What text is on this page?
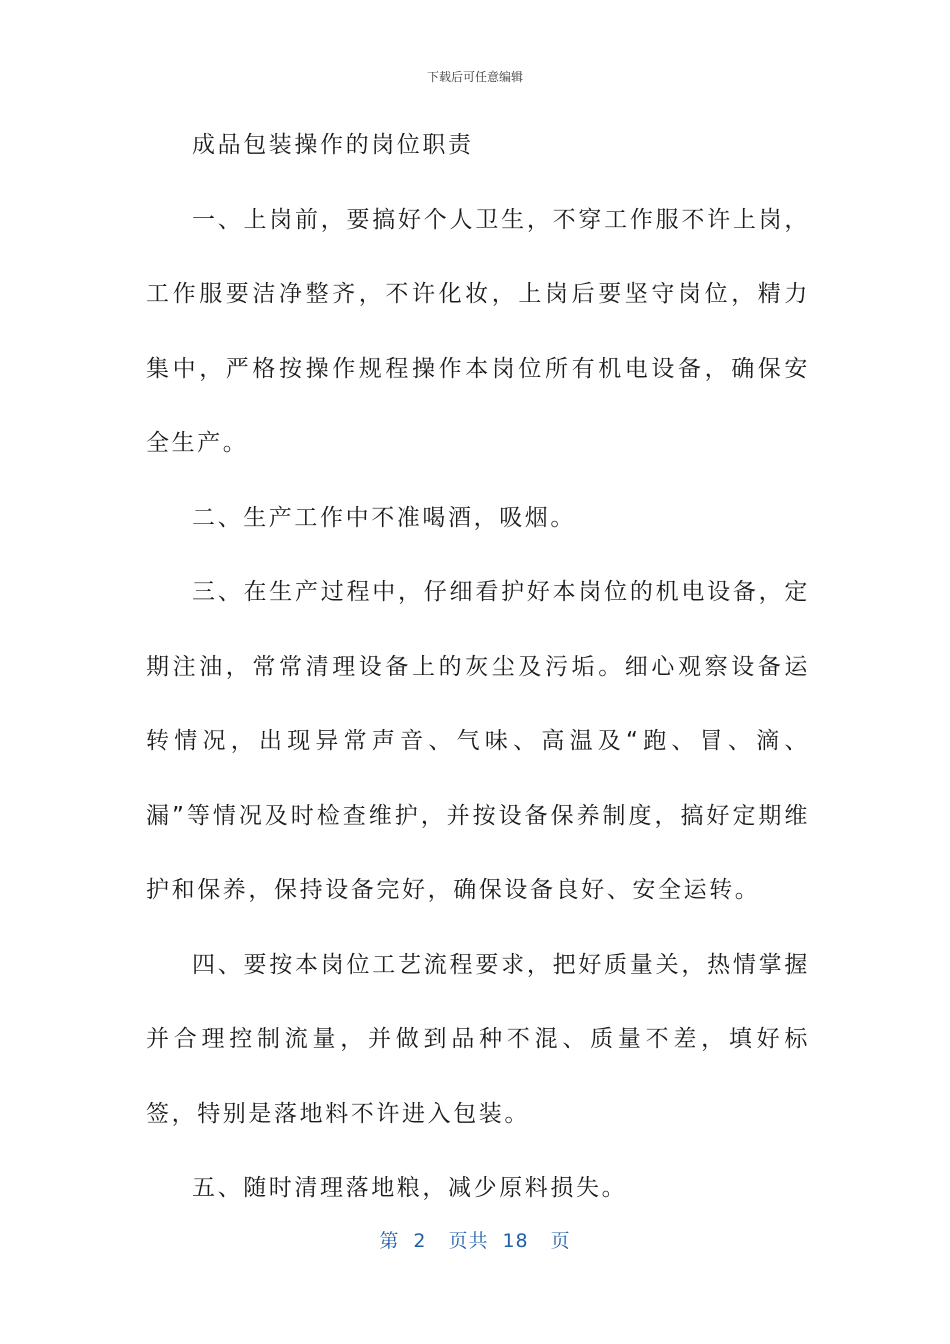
下载后可任意编辑

成品包装操作的岗位职责

一、上岗前，要搞好个人卫生，不穿工作服不许上岗，工作服要洁净整齐，不许化妆，上岗后要坚守岗位，精力集中，严格按操作规程操作本岗位所有机电设备，确保安全生产。

二、生产工作中不准喝酒，吸烟。

三、在生产过程中，仔细看护好本岗位的机电设备，定期注油，常常清理设备上的灰尘及污垢。细心观察设备运转情况，出现异常声音、气味、高温及“跑、冒、滴、漏”等情况及时检查维护，并按设备保养制度，搞好定期维护和保养，保持设备完好，确保设备良好、安全运转。

四、要按本岗位工艺流程要求，把好质量关，热情掌握并合理控制流量，并做到品种不混、质量不差，填好标签，特别是落地料不许进入包装。

五、随时清理落地粮，减少原料损失。

第 2 页共 18 页
